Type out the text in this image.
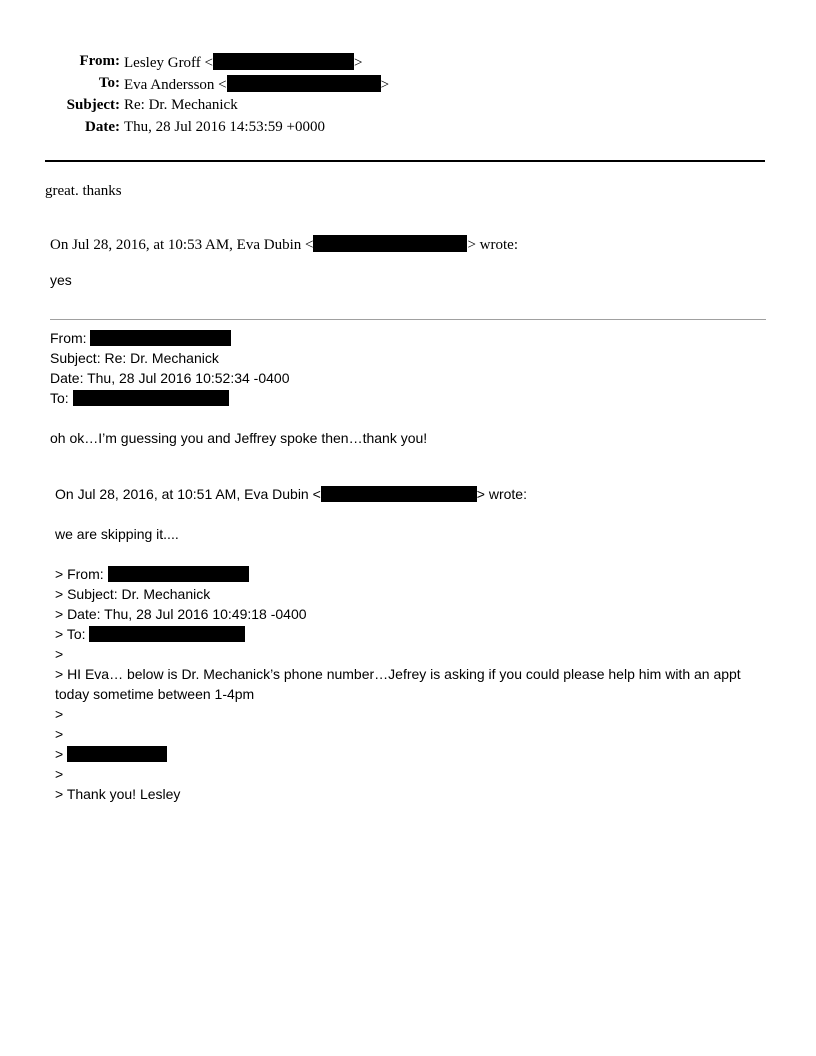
From: Lesley Groff <	>
To: Eva Andersson <	>
Subject: Re: Dr. Mechanick
Date: Thu, 28 Jul 2016 14:53:59 +0000
great. thanks
On Jul 28, 2016, at 10:53 AM, Eva Dubin <	> wrote:
yes
From:
Subject: Re: Dr. Mechanick
Date: Thu, 28 Jul 2016 10:52:34 -0400
To:
oh ok…I’m guessing you and Jeffrey spoke then…thank you!
On Jul 28, 2016, at 10:51 AM, Eva Dubin <	> wrote:
we are skipping it....
> From:
> Subject: Dr. Mechanick
> Date: Thu, 28 Jul 2016 10:49:18 -0400
> To:
>
> HI Eva… below is Dr. Mechanick’s phone number…Jefrey is asking if you could please help him with an appt
today sometime between 1-4pm
>
>
>
>
> Thank you! Lesley
